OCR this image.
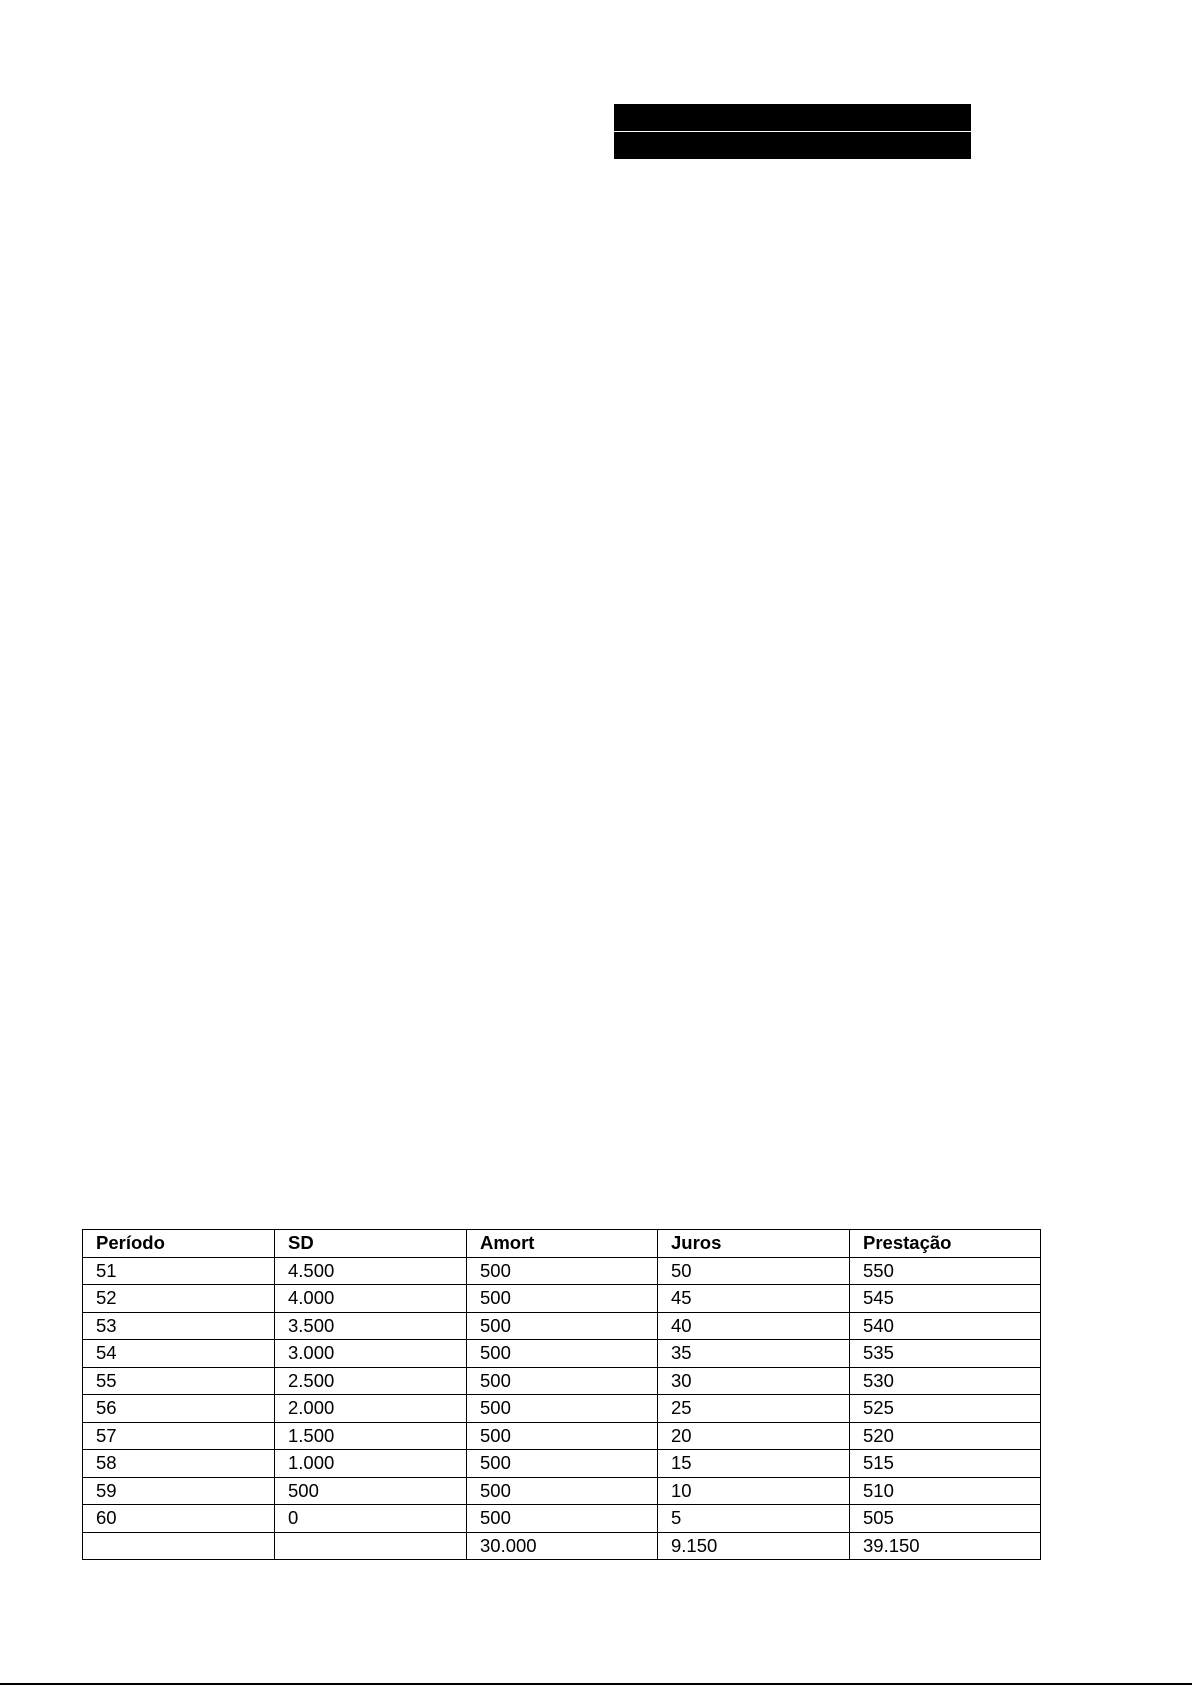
Período	SD	Amort	Juros	Prestação
51	4.500	500	50	550
52	4.000	500	45	545
53	3.500	500	40	540
54	3.000	500	35	535
55	2.500	500	30	530
56	2.000	500	25	525
57	1.500	500	20	520
58	1.000	500	15	515
59	500	500	10	510
60	0	500	5	505
		30.000	9.150	39.150
